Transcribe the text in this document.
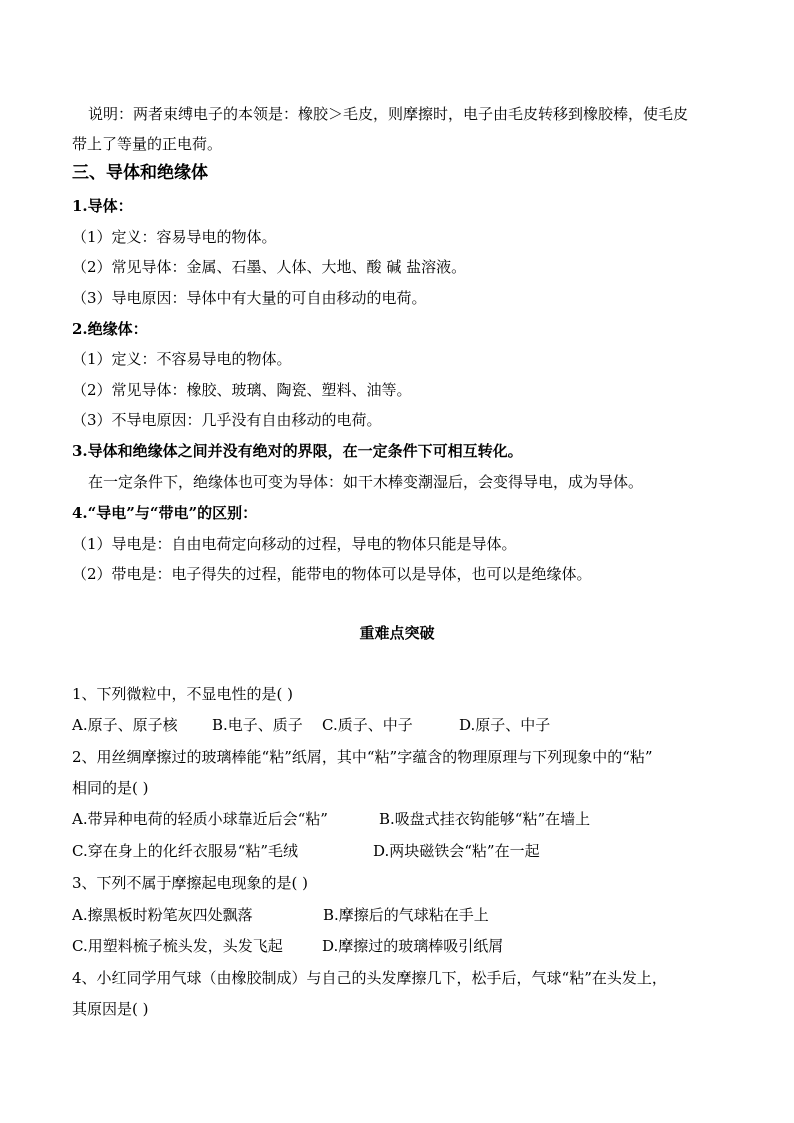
说明：两者束缚电子的本领是：橡胶＞毛皮，则摩擦时，电子由毛皮转移到橡胶棒，使毛皮
带上了等量的正电荷。
三、导体和绝缘体
1.导体：
（1）定义：容易导电的物体。
（2）常见导体：金属、石墨、人体、大地、酸 碱 盐溶液。
（3）导电原因：导体中有大量的可自由移动的电荷。
2.绝缘体：
（1）定义：不容易导电的物体。
（2）常见导体：橡胶、玻璃、陶瓷、塑料、油等。
（3）不导电原因：几乎没有自由移动的电荷。
3.导体和绝缘体之间并没有绝对的界限，在一定条件下可相互转化。
在一定条件下，绝缘体也可变为导体：如干木棒变潮湿后，会变得导电，成为导体。
4.“导电”与“带电”的区别：
（1）导电是：自由电荷定向移动的过程，导电的物体只能是导体。
（2）带电是：电子得失的过程，能带电的物体可以是导体，也可以是绝缘体。
重难点突破
1、下列微粒中，不显电性的是( )
A.原子、原子核 B.电子、质子 C.质子、中子	D.原子、中子
2、用丝绸摩擦过的玻璃棒能“粘”纸屑，其中“粘”字蕴含的物理原理与下列现象中的“粘”
相同的是( )
A.带异种电荷的轻质小球靠近后会“粘”	B.吸盘式挂衣钩能够“粘”在墙上
C.穿在身上的化纤衣服易“粘”毛绒	D.两块磁铁会“粘”在一起
3、下列不属于摩擦起电现象的是( )
A.擦黑板时粉笔灰四处飘落	B.摩擦后的气球粘在手上
C.用塑料梳子梳头发，头发飞起	D.摩擦过的玻璃棒吸引纸屑
4、小红同学用气球（由橡胶制成）与自己的头发摩擦几下，松手后，气球“粘”在头发上，
其原因是( )
